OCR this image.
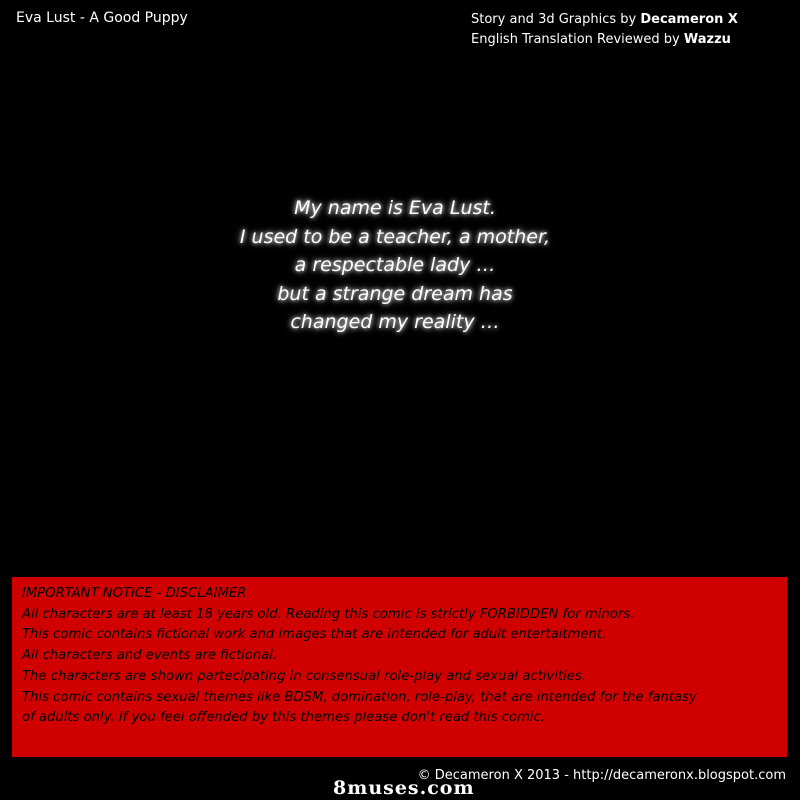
Eva Lust - A Good Puppy	Story and 3d Graphics by Decameron X
English Translation Reviewed by Wazzu
My name is Eva Lust.
I used to be a teacher, a mother,
a respectable lady …
but a strange dream has
changed my reality …
IMPORTANT NOTICE - DISCLAIMER
All characters are at least 18 years old. Reading this comic is strictly FORBIDDEN for minors.
This comic contains fictional work and images that are intended for adult entertaitment.
All characters and events are fictional.
The characters are shown partecipating in consensual role-play and sexual activities.
This comic contains sexual themes like BDSM, domination, role-play, that are intended for the fantasy
of adults only. If you feel offended by this themes please don't read this comic.
© Decameron X 2013 - http://decameronx.blogspot.com
8muses.com
